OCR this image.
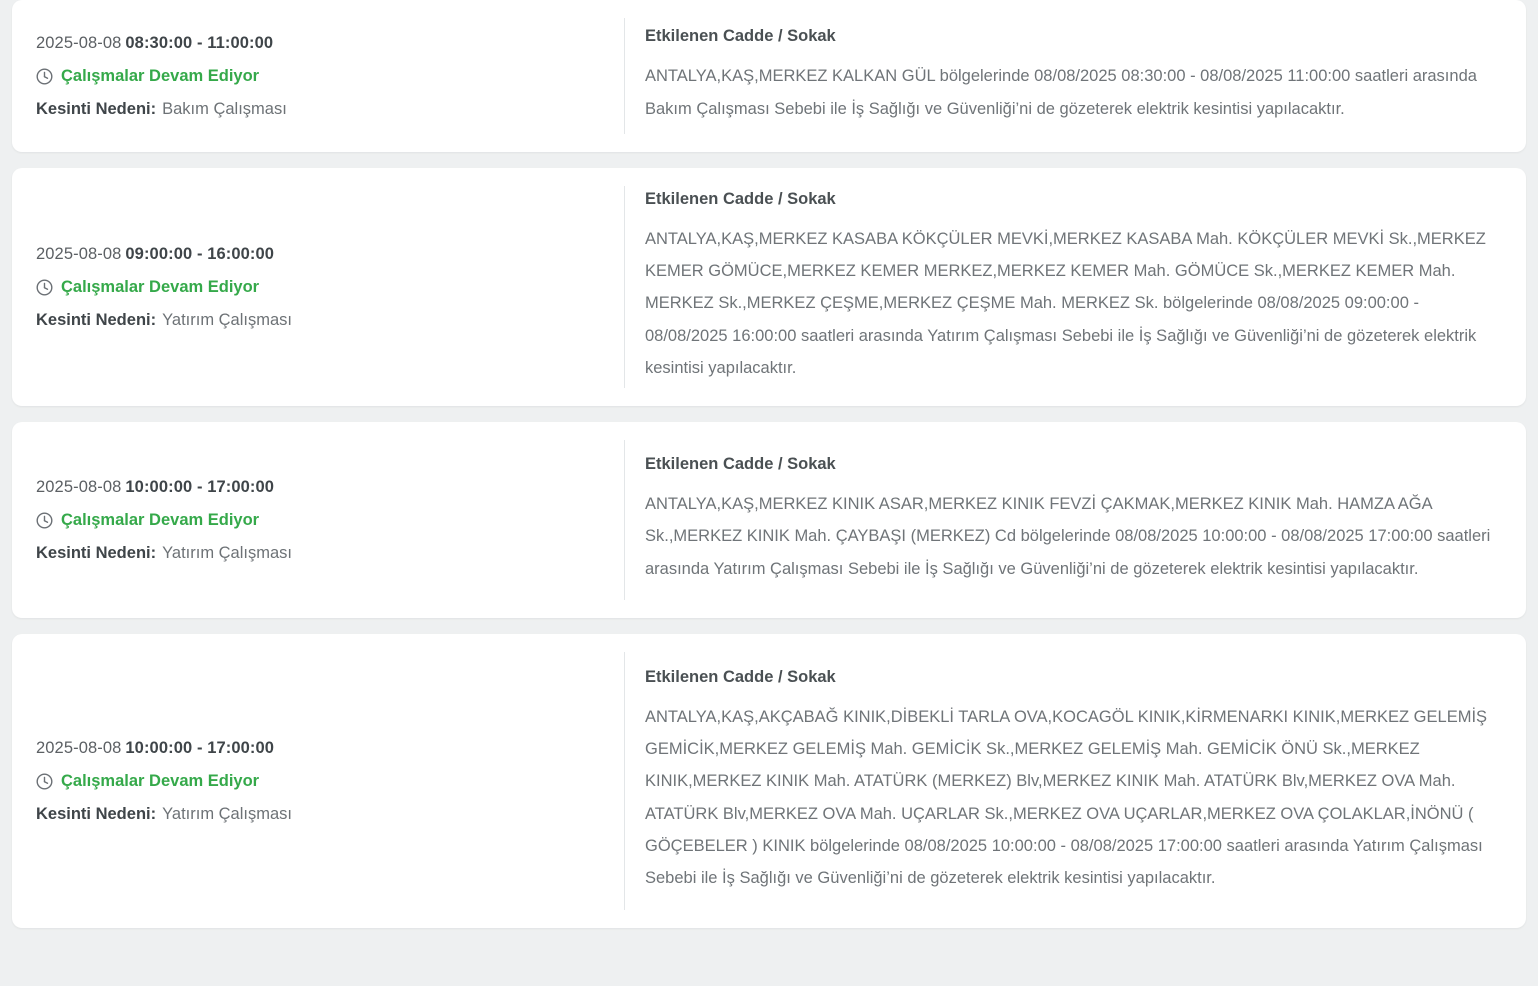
2025-08-08 08:30:00 - 11:00:00
Çalışmalar Devam Ediyor
Kesinti Nedeni: Bakım Çalışması
Etkilenen Cadde / Sokak
ANTALYA,KAŞ,MERKEZ KALKAN GÜL bölgelerinde 08/08/2025 08:30:00 - 08/08/2025 11:00:00 saatleri arasında Bakım Çalışması Sebebi ile İş Sağlığı ve Güvenliği’ni de gözeterek elektrik kesintisi yapılacaktır.
2025-08-08 09:00:00 - 16:00:00
Çalışmalar Devam Ediyor
Kesinti Nedeni: Yatırım Çalışması
Etkilenen Cadde / Sokak
ANTALYA,KAŞ,MERKEZ KASABA KÖKÇÜLER MEVKİ,MERKEZ KASABA Mah. KÖKÇÜLER MEVKİ Sk.,MERKEZ KEMER GÖMÜCE,MERKEZ KEMER MERKEZ,MERKEZ KEMER Mah. GÖMÜCE Sk.,MERKEZ KEMER Mah. MERKEZ Sk.,MERKEZ ÇEŞME,MERKEZ ÇEŞME Mah. MERKEZ Sk. bölgelerinde 08/08/2025 09:00:00 - 08/08/2025 16:00:00 saatleri arasında Yatırım Çalışması Sebebi ile İş Sağlığı ve Güvenliği’ni de gözeterek elektrik kesintisi yapılacaktır.
2025-08-08 10:00:00 - 17:00:00
Çalışmalar Devam Ediyor
Kesinti Nedeni: Yatırım Çalışması
Etkilenen Cadde / Sokak
ANTALYA,KAŞ,MERKEZ KINIK ASAR,MERKEZ KINIK FEVZİ ÇAKMAK,MERKEZ KINIK Mah. HAMZA AĞA Sk.,MERKEZ KINIK Mah. ÇAYBAŞI (MERKEZ) Cd bölgelerinde 08/08/2025 10:00:00 - 08/08/2025 17:00:00 saatleri arasında Yatırım Çalışması Sebebi ile İş Sağlığı ve Güvenliği’ni de gözeterek elektrik kesintisi yapılacaktır.
2025-08-08 10:00:00 - 17:00:00
Çalışmalar Devam Ediyor
Kesinti Nedeni: Yatırım Çalışması
Etkilenen Cadde / Sokak
ANTALYA,KAŞ,AKÇABAĞ KINIK,DİBEKLİ TARLA OVA,KOCAGÖL KINIK,KİRMENARKI KINIK,MERKEZ GELEMİŞ GEMİCİK,MERKEZ GELEMİŞ Mah. GEMİCİK Sk.,MERKEZ GELEMİŞ Mah. GEMİCİK ÖNÜ Sk.,MERKEZ KINIK,MERKEZ KINIK Mah. ATATÜRK (MERKEZ) Blv,MERKEZ KINIK Mah. ATATÜRK Blv,MERKEZ OVA Mah. ATATÜRK Blv,MERKEZ OVA Mah. UÇARLAR Sk.,MERKEZ OVA UÇARLAR,MERKEZ OVA ÇOLAKLAR,İNÖNÜ ( GÖÇEBELER ) KINIK bölgelerinde 08/08/2025 10:00:00 - 08/08/2025 17:00:00 saatleri arasında Yatırım Çalışması Sebebi ile İş Sağlığı ve Güvenliği’ni de gözeterek elektrik kesintisi yapılacaktır.
